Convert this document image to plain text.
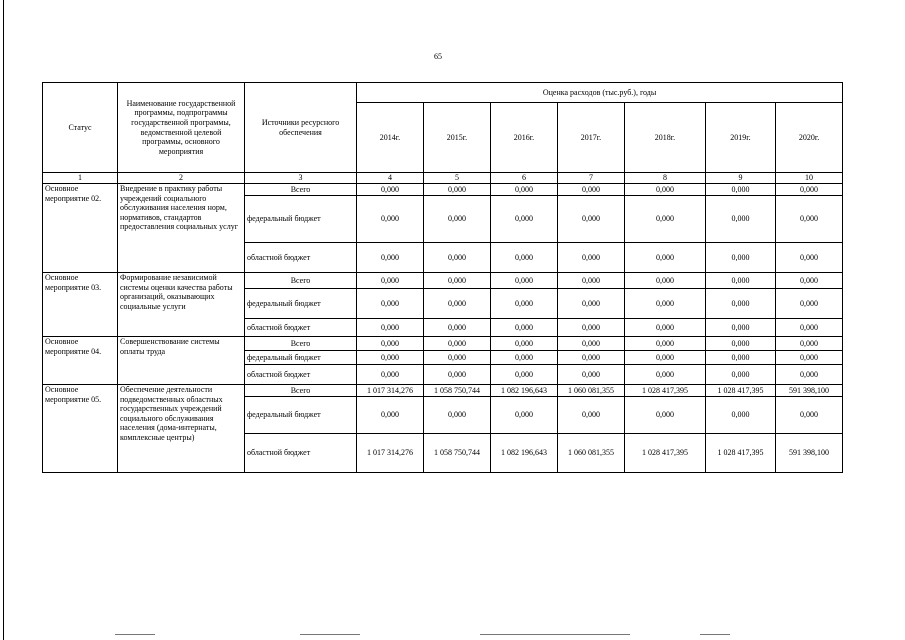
65
Статус	Наименование государственной программы, подпрограммы государственной программы, ведомственной целевой программы, основного мероприятия	Источники ресурсного обеспечения	Оценка расходов (тыс.руб.), годы						
			2014г.	2015г.	2016г.	2017г.	2018г.	2019г.	2020г.
1	2	3	4	5	6	7	8	9	10
Основное мероприятие 02.	Внедрение в практику работы учреждений социального обслуживания населения норм, нормативов, стандартов предоставления социальных услуг	Всего	0,000	0,000	0,000	0,000	0,000	0,000	0,000
		федеральный бюджет	0,000	0,000	0,000	0,000	0,000	0,000	0,000
		областной бюджет	0,000	0,000	0,000	0,000	0,000	0,000	0,000
Основное мероприятие 03.	Формирование независимой системы оценки качества работы организаций, оказывающих социальные услуги	Всего	0,000	0,000	0,000	0,000	0,000	0,000	0,000
		федеральный бюджет	0,000	0,000	0,000	0,000	0,000	0,000	0,000
		областной бюджет	0,000	0,000	0,000	0,000	0,000	0,000	0,000
Основное мероприятие 04.	Совершенствование системы оплаты труда	Всего	0,000	0,000	0,000	0,000	0,000	0,000	0,000
		федеральный бюджет	0,000	0,000	0,000	0,000	0,000	0,000	0,000
		областной бюджет	0,000	0,000	0,000	0,000	0,000	0,000	0,000
Основное мероприятие 05.	Обеспечение деятельности подведомственных областных государственных учреждений социального обслуживания населения (дома-интернаты, комплексные центры)	Всего	1 017 314,276	1 058 750,744	1 082 196,643	1 060 081,355	1 028 417,395	1 028 417,395	591 398,100
		федеральный бюджет	0,000	0,000	0,000	0,000	0,000	0,000	0,000
		областной бюджет	1 017 314,276	1 058 750,744	1 082 196,643	1 060 081,355	1 028 417,395	1 028 417,395	591 398,100
